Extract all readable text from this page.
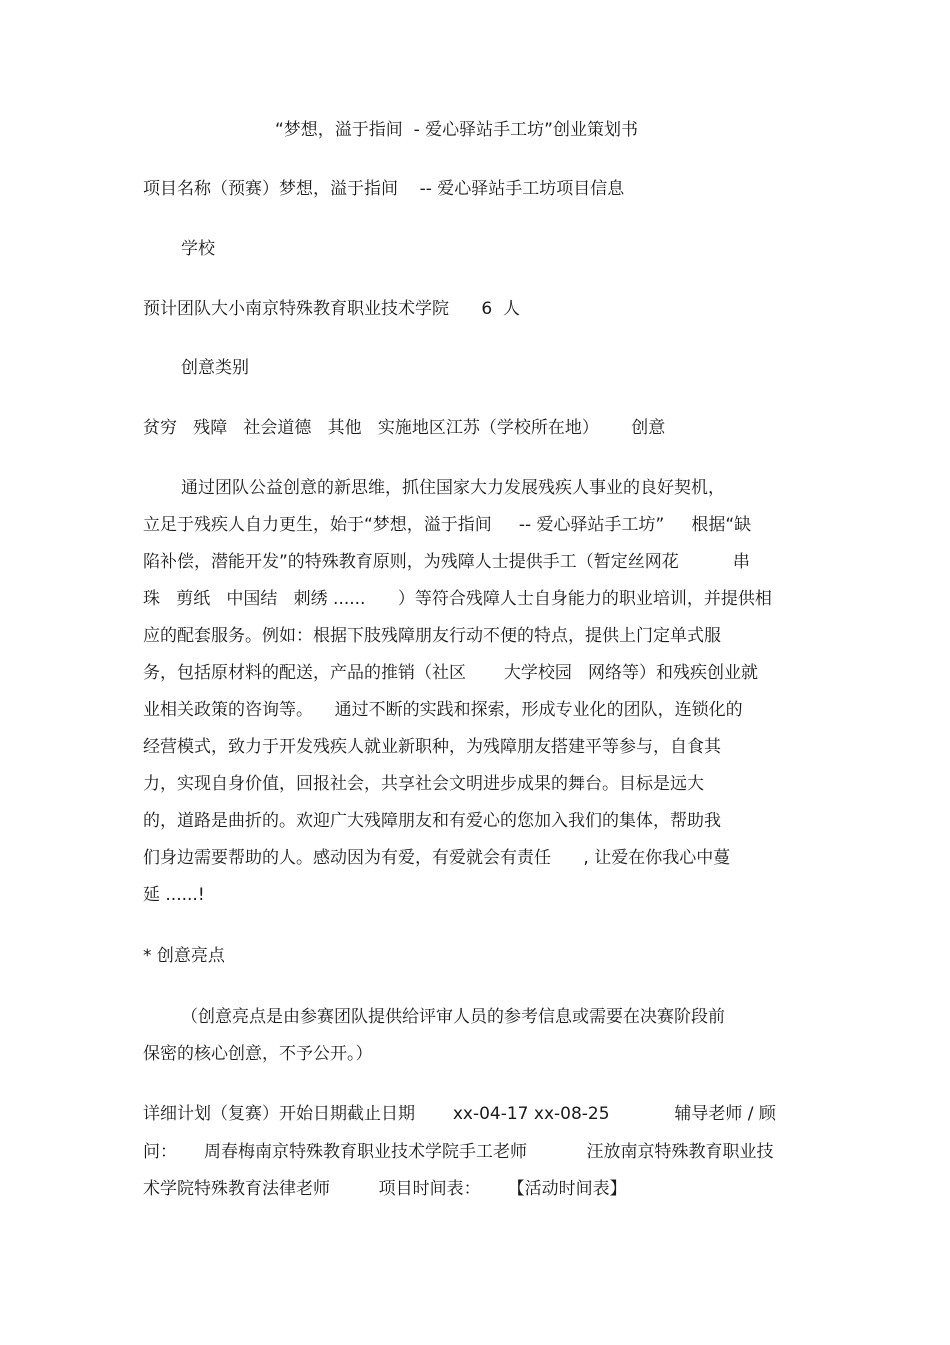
“梦想，溢于指间  - 爱心驿站手工坊”创业策划书
项目名称（预赛）梦想，溢于指间    -- 爱心驿站手工坊项目信息
学校
预计团队大小南京特殊教育职业技术学院      6  人
创意类别
贫穷   残障   社会道德   其他   实施地区江苏（学校所在地）      创意
通过团队公益创意的新思维，抓住国家大力发展残疾人事业的良好契机，
立足于残疾人自力更生，始于“梦想，溢于指间     -- 爱心驿站手工坊”     根据“缺
陷补偿，潜能开发”的特殊教育原则，为残障人士提供手工（暂定丝网花          串
珠   剪纸   中国结   刺绣 ......      ）等符合残障人士自身能力的职业培训，并提供相
应的配套服务。例如：根据下肢残障朋友行动不便的特点，提供上门定单式服
务，包括原材料的配送，产品的推销（社区       大学校园   网络等）和残疾创业就
业相关政策的咨询等。    通过不断的实践和探索，形成专业化的团队，连锁化的
经营模式，致力于开发残疾人就业新职种，为残障朋友搭建平等参与，自食其
力，实现自身价值，回报社会，共享社会文明进步成果的舞台。目标是远大
的，道路是曲折的。欢迎广大残障朋友和有爱心的您加入我们的集体，帮助我
们身边需要帮助的人。感动因为有爱，有爱就会有责任      , 让爱在你我心中蔓
延 ......!
* 创意亮点
（创意亮点是由参赛团队提供给评审人员的参考信息或需要在决赛阶段前
保密的核心创意，不予公开。）
详细计划（复赛）开始日期截止日期       xx-04-17 xx-08-25            辅导老师 / 顾
问：     周春梅南京特殊教育职业技术学院手工老师           汪放南京特殊教育职业技
术学院特殊教育法律老师         项目时间表：     【活动时间表】
